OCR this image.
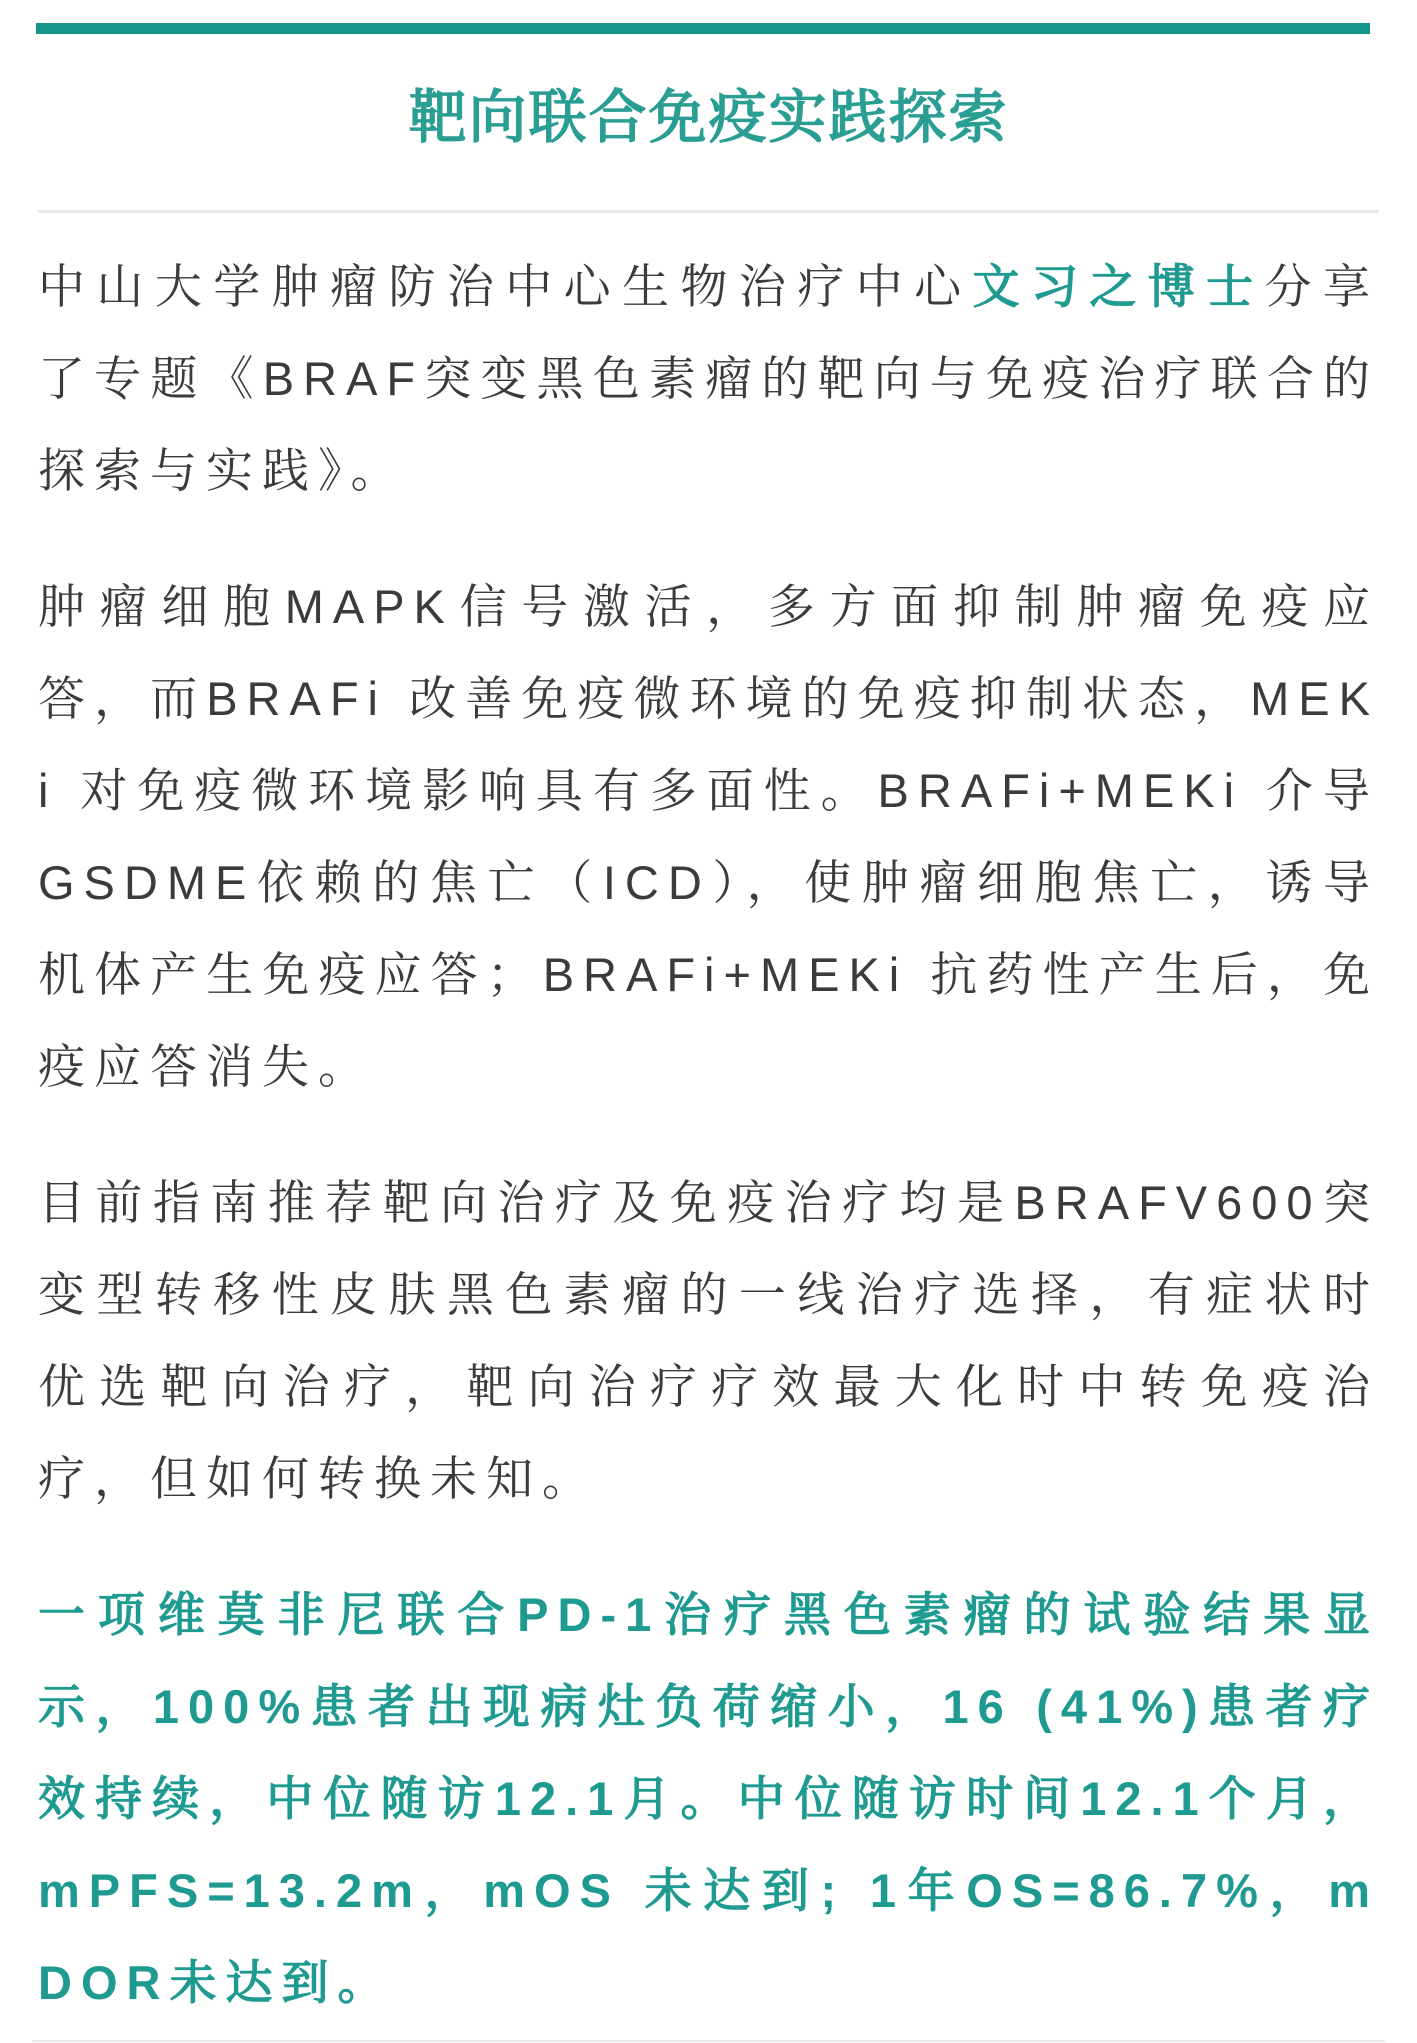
靶向联合免疫实践探索

中山大学肿瘤防治中心生物治疗中心文习之博士分享了专题《BRAF突变黑色素瘤的靶向与免疫治疗联合的探索与实践》。

肿瘤细胞MAPK信号激活，多方面抑制肿瘤免疫应答，而BRAFi 改善免疫微环境的免疫抑制状态，MEKi 对免疫微环境影响具有多面性。BRAFi+MEKi 介导GSDME依赖的焦亡（ICD），使肿瘤细胞焦亡，诱导机体产生免疫应答；BRAFi+MEKi 抗药性产生后，免疫应答消失。

目前指南推荐靶向治疗及免疫治疗均是BRAFV600突变型转移性皮肤黑色素瘤的一线治疗选择，有症状时优选靶向治疗，靶向治疗疗效最大化时中转免疫治疗，但如何转换未知。

一项维莫非尼联合PD-1治疗黑色素瘤的试验结果显示，100%患者出现病灶负荷缩小，16 (41%)患者疗效持续，中位随访12.1月。中位随访时间12.1个月，mPFS=13.2m，mOS 未达到; 1年OS=86.7%，mDOR未达到。
